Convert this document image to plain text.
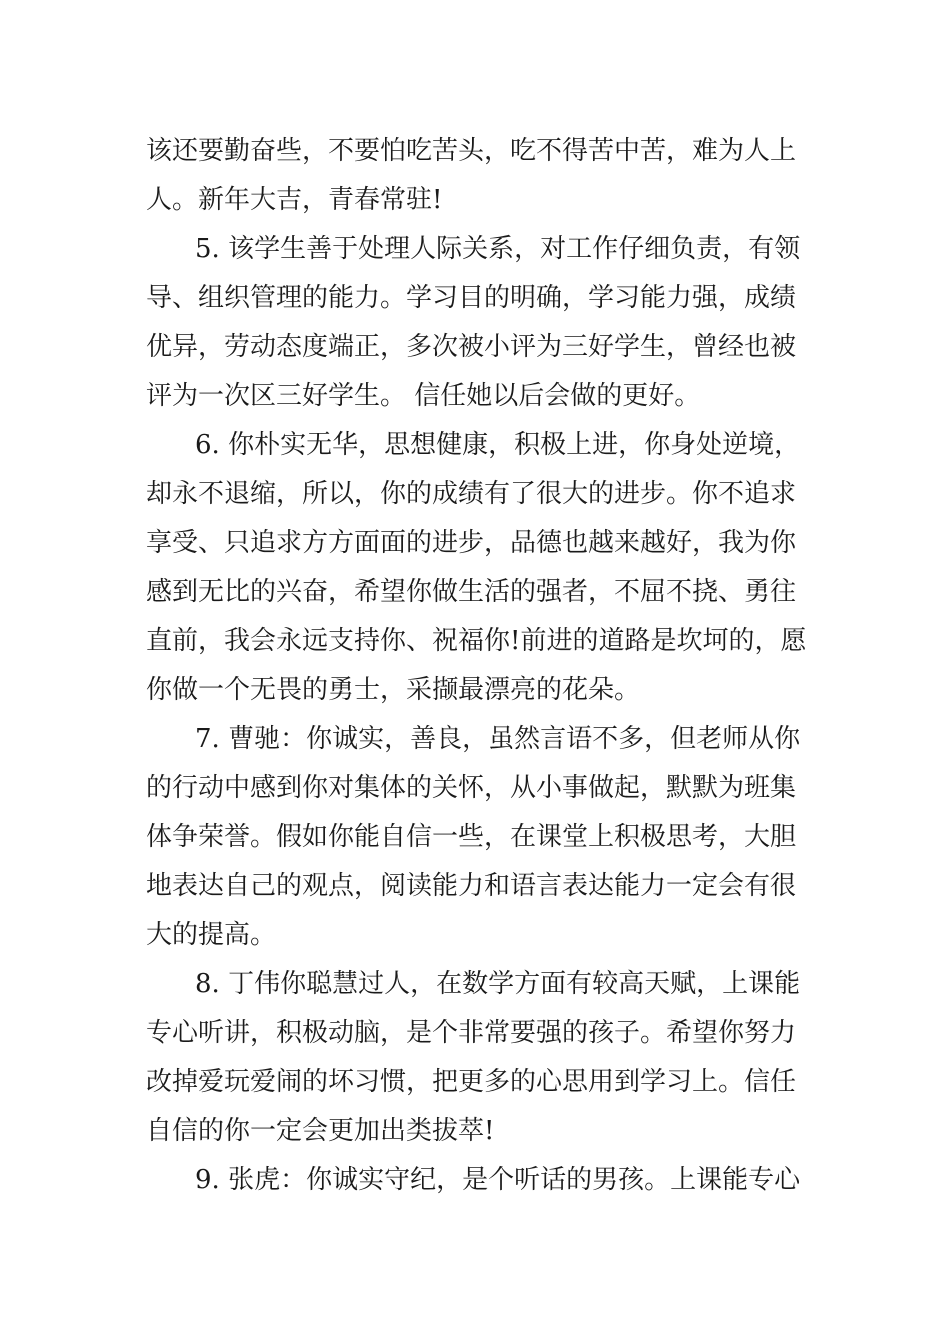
该还要勤奋些，不要怕吃苦头，吃不得苦中苦，难为人上
人。新年大吉，青春常驻!
5. 该学生善于处理人际关系，对工作仔细负责，有领
导、组织管理的能力。学习目的明确，学习能力强，成绩
优异，劳动态度端正，多次被小评为三好学生，曾经也被
评为一次区三好学生。 信任她以后会做的更好。
6. 你朴实无华，思想健康，积极上进，你身处逆境，
却永不退缩，所以，你的成绩有了很大的进步。你不追求
享受、只追求方方面面的进步，品德也越来越好，我为你
感到无比的兴奋，希望你做生活的强者，不屈不挠、勇往
直前，我会永远支持你、祝福你!前进的道路是坎坷的，愿
你做一个无畏的勇士，采撷最漂亮的花朵。
7. 曹驰：你诚实，善良，虽然言语不多，但老师从你
的行动中感到你对集体的关怀，从小事做起，默默为班集
体争荣誉。假如你能自信一些，在课堂上积极思考，大胆
地表达自己的观点，阅读能力和语言表达能力一定会有很
大的提高。
8. 丁伟你聪慧过人，在数学方面有较高天赋，上课能
专心听讲，积极动脑，是个非常要强的孩子。希望你努力
改掉爱玩爱闹的坏习惯，把更多的心思用到学习上。信任
自信的你一定会更加出类拔萃!
9. 张虎：你诚实守纪，是个听话的男孩。上课能专心
